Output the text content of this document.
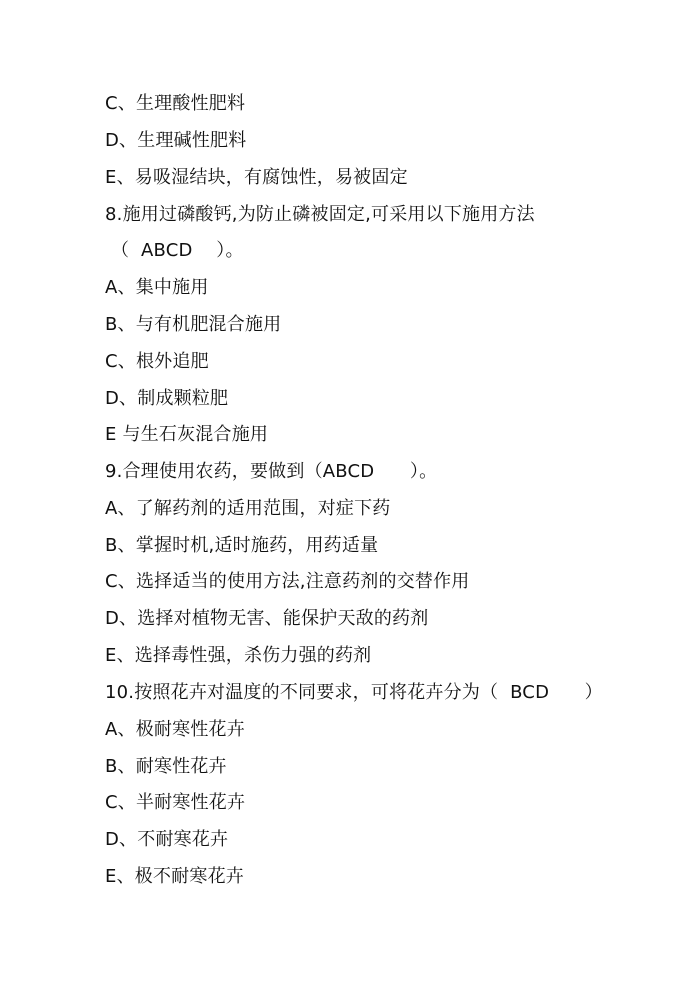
C、生理酸性肥料
D、生理碱性肥料
E、易吸湿结块，有腐蚀性，易被固定
8.施用过磷酸钙,为防止磷被固定,可采用以下施用方法
（  ABCD    ）。
A、集中施用
B、与有机肥混合施用
C、根外追肥
D、制成颗粒肥
E 与生石灰混合施用
9.合理使用农药，要做到（ABCD      ）。
A、了解药剂的适用范围，对症下药
B、掌握时机,适时施药，用药适量
C、选择适当的使用方法,注意药剂的交替作用
D、选择对植物无害、能保护天敌的药剂
E、选择毒性强，杀伤力强的药剂
10.按照花卉对温度的不同要求，可将花卉分为（  BCD      ）
A、极耐寒性花卉
B、耐寒性花卉
C、半耐寒性花卉
D、不耐寒花卉
E、极不耐寒花卉
